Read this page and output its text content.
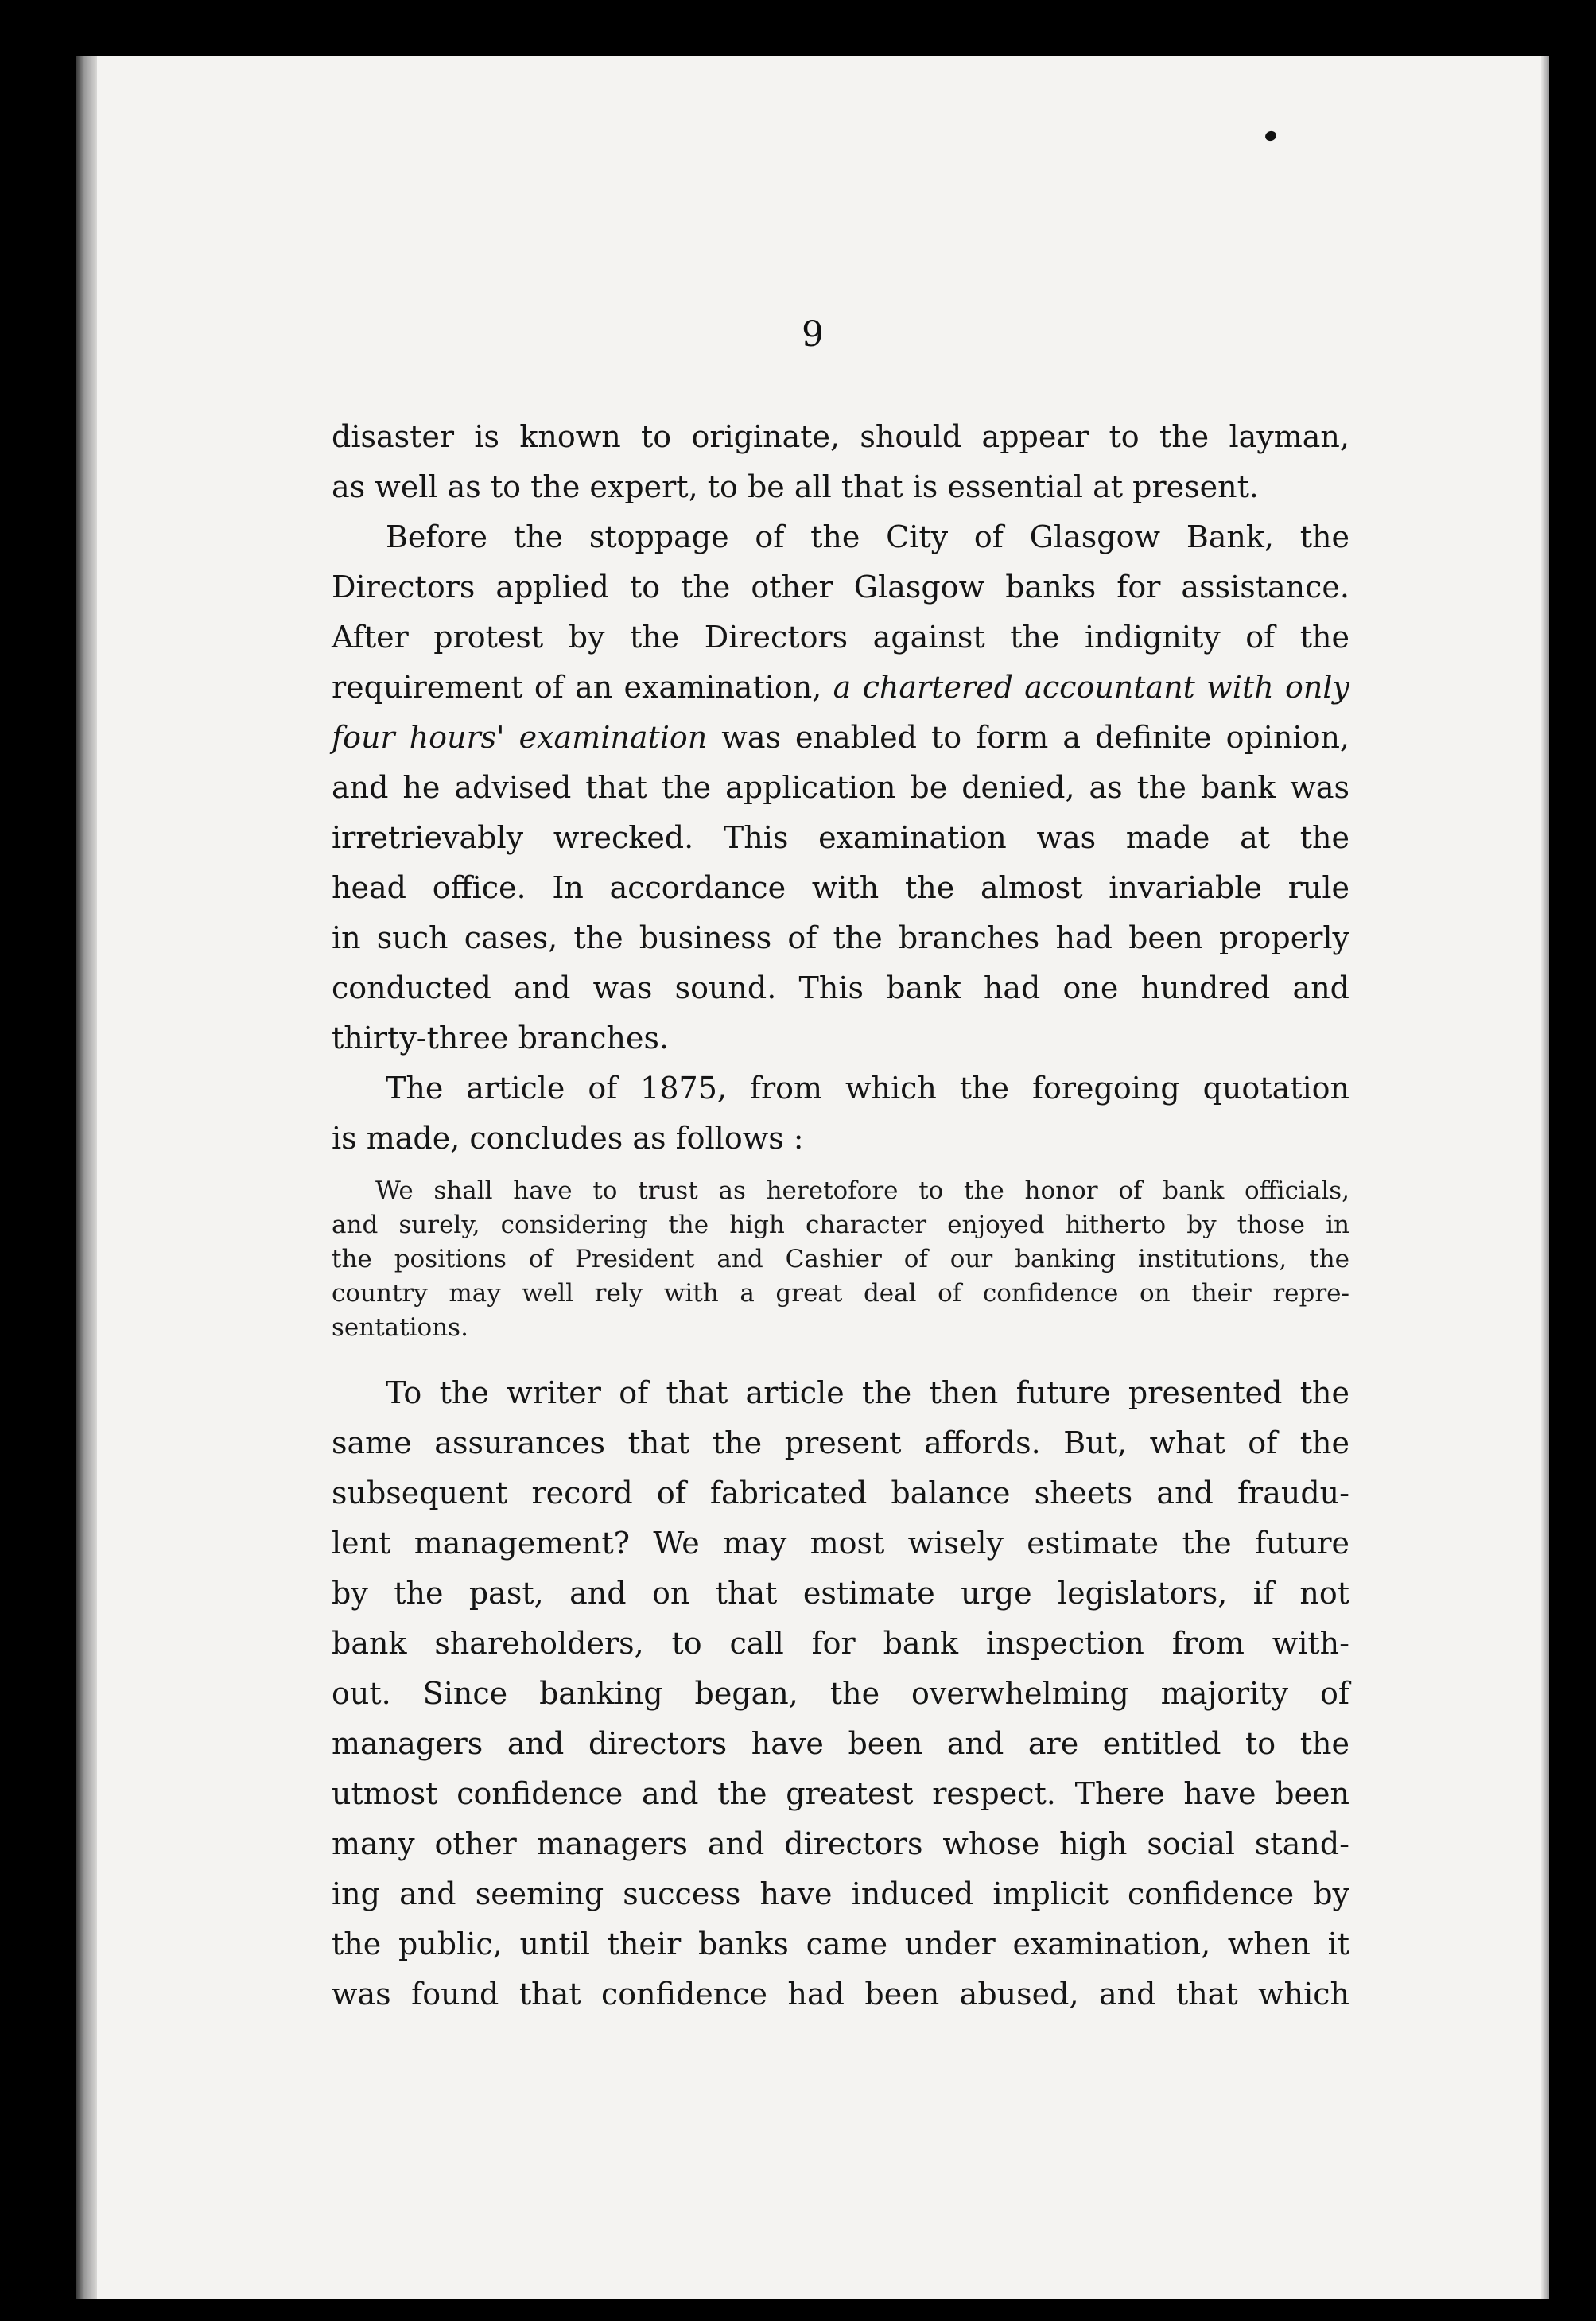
9
disaster is known to originate, should appear to the layman,
as well as to the expert, to be all that is essential at present.
Before the stoppage of the City of Glasgow Bank, the
Directors applied to the other Glasgow banks for assistance.
After protest by the Directors against the indignity of the
requirement of an examination, a chartered accountant with only
four hours' examination was enabled to form a definite opinion,
and he advised that the application be denied, as the bank was
irretrievably wrecked. This examination was made at the
head office. In accordance with the almost invariable rule
in such cases, the business of the branches had been properly
conducted and was sound. This bank had one hundred and
thirty-three branches.
The article of 1875, from which the foregoing quotation
is made, concludes as follows :
We shall have to trust as heretofore to the honor of bank officials,
and surely, considering the high character enjoyed hitherto by those in
the positions of President and Cashier of our banking institutions, the
country may well rely with a great deal of confidence on their repre-
sentations.
To the writer of that article the then future presented the
same assurances that the present affords. But, what of the
subsequent record of fabricated balance sheets and fraudu-
lent management? We may most wisely estimate the future
by the past, and on that estimate urge legislators, if not
bank shareholders, to call for bank inspection from with-
out. Since banking began, the overwhelming majority of
managers and directors have been and are entitled to the
utmost confidence and the greatest respect. There have been
many other managers and directors whose high social stand-
ing and seeming success have induced implicit confidence by
the public, until their banks came under examination, when it
was found that confidence had been abused, and that which
